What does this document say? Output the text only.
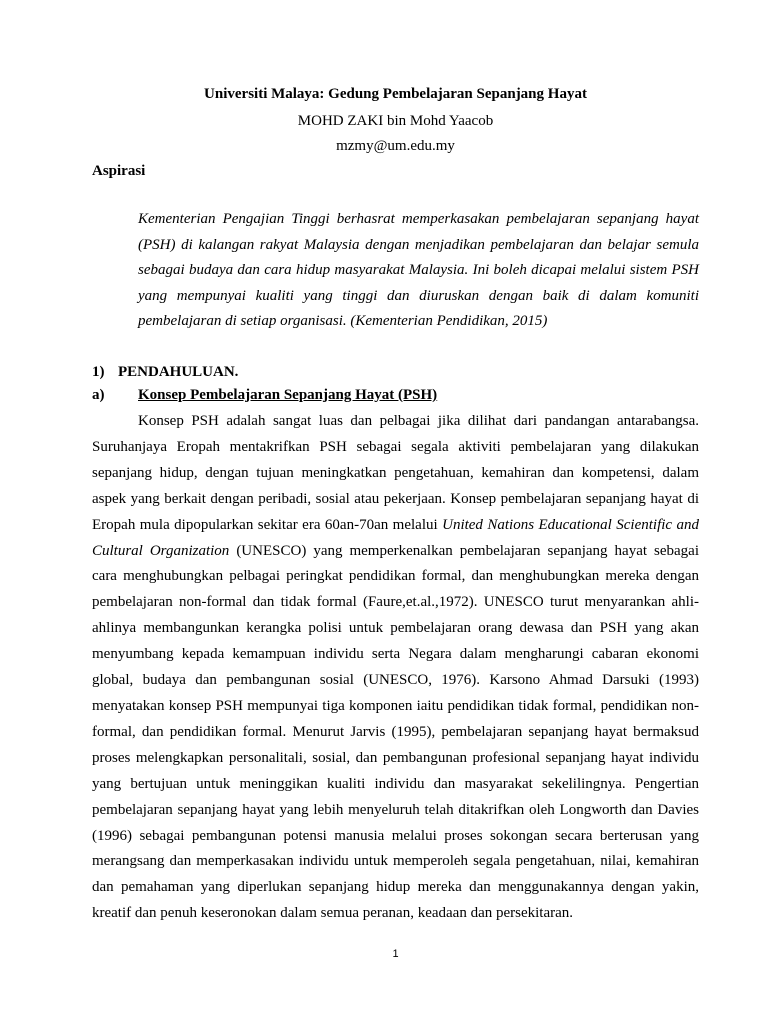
Universiti Malaya: Gedung Pembelajaran Sepanjang Hayat
MOHD ZAKI bin Mohd Yaacob
mzmy@um.edu.my
Aspirasi
Kementerian Pengajian Tinggi berhasrat memperkasakan pembelajaran sepanjang hayat (PSH) di kalangan rakyat Malaysia dengan menjadikan pembelajaran dan belajar semula sebagai budaya dan cara hidup masyarakat Malaysia. Ini boleh dicapai melalui sistem PSH yang mempunyai kualiti yang tinggi dan diuruskan dengan baik di dalam komuniti pembelajaran di setiap organisasi. (Kementerian Pendidikan, 2015)
1) PENDAHULUAN.
a) Konsep Pembelajaran Sepanjang Hayat (PSH)

Konsep PSH adalah sangat luas dan pelbagai jika dilihat dari pandangan antarabangsa. Suruhanjaya Eropah mentakrifkan PSH sebagai segala aktiviti pembelajaran yang dilakukan sepanjang hidup, dengan tujuan meningkatkan pengetahuan, kemahiran dan kompetensi, dalam aspek yang berkait dengan peribadi, sosial atau pekerjaan. Konsep pembelajaran sepanjang hayat di Eropah mula dipopularkan sekitar era 60an-70an melalui United Nations Educational Scientific and Cultural Organization (UNESCO) yang memperkenalkan pembelajaran sepanjang hayat sebagai cara menghubungkan pelbagai peringkat pendidikan formal, dan menghubungkan mereka dengan pembelajaran non-formal dan tidak formal (Faure,et.al.,1972). UNESCO turut menyarankan ahli-ahlinya membangunkan kerangka polisi untuk pembelajaran orang dewasa dan PSH yang akan menyumbang kepada kemampuan individu serta Negara dalam mengharungi cabaran ekonomi global, budaya dan pembangunan sosial (UNESCO, 1976). Karsono Ahmad Darsuki (1993) menyatakan konsep PSH mempunyai tiga komponen iaitu pendidikan tidak formal, pendidikan non-formal, dan pendidikan formal. Menurut Jarvis (1995), pembelajaran sepanjang hayat bermaksud proses melengkapkan personalitali, sosial, dan pembangunan profesional sepanjang hayat individu yang bertujuan untuk meninggikan kualiti individu dan masyarakat sekelilingnya. Pengertian pembelajaran sepanjang hayat yang lebih menyeluruh telah ditakrifkan oleh Longworth dan Davies (1996) sebagai pembangunan potensi manusia melalui proses sokongan secara berterusan yang merangsang dan memperkasakan individu untuk memperoleh segala pengetahuan, nilai, kemahiran dan pemahaman yang diperlukan sepanjang hidup mereka dan menggunakannya dengan yakin, kreatif dan penuh keseronokan dalam semua peranan, keadaan dan persekitaran.

1
